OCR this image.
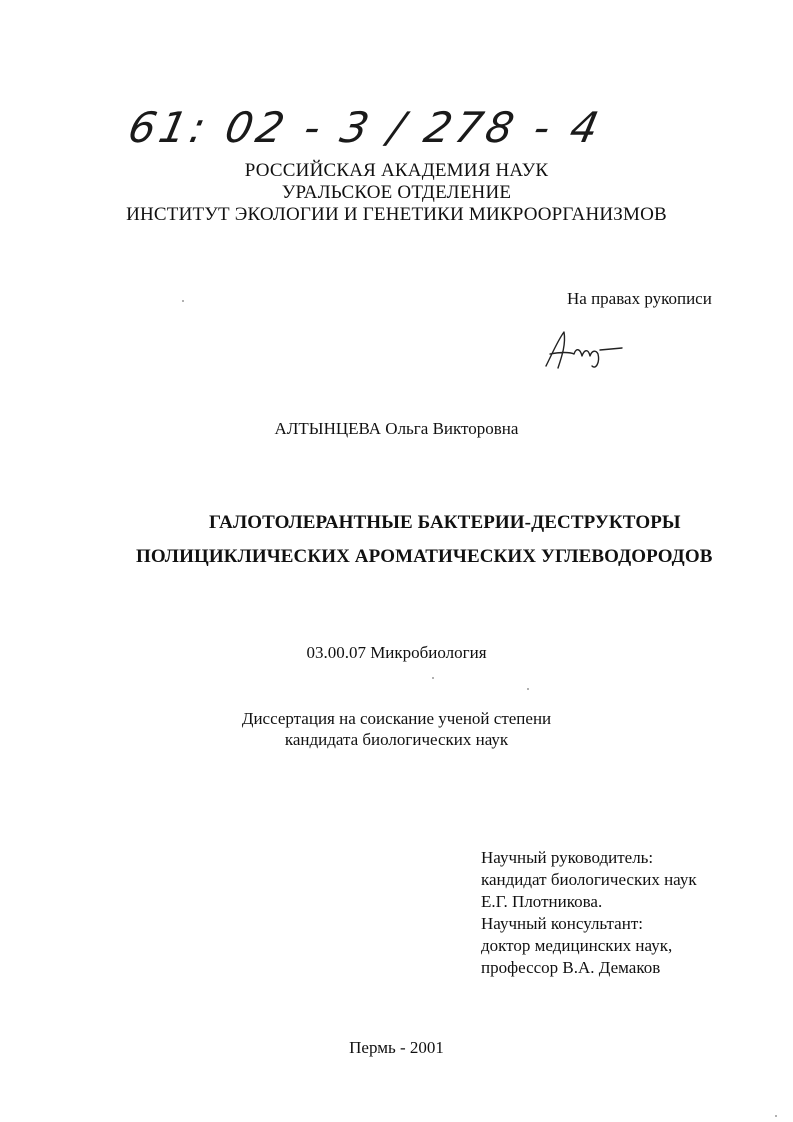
61: 02 - 3 / 278 - 4
РОССИЙСКАЯ АКАДЕМИЯ НАУК
УРАЛЬСКОЕ ОТДЕЛЕНИЕ
ИНСТИТУТ ЭКОЛОГИИ И ГЕНЕТИКИ МИКРООРГАНИЗМОВ
На правах рукописи
АЛТЫНЦЕВА Ольга Викторовна
ГАЛОТОЛЕРАНТНЫЕ БАКТЕРИИ-ДЕСТРУКТОРЫ
ПОЛИЦИКЛИЧЕСКИХ АРОМАТИЧЕСКИХ УГЛЕВОДОРОДОВ
03.00.07 Микробиология
Диссертация на соискание ученой степени
кандидата биологических наук
Научный руководитель:
кандидат биологических наук
Е.Г. Плотникова.
Научный консультант:
доктор медицинских наук,
профессор В.А. Демаков
Пермь - 2001
